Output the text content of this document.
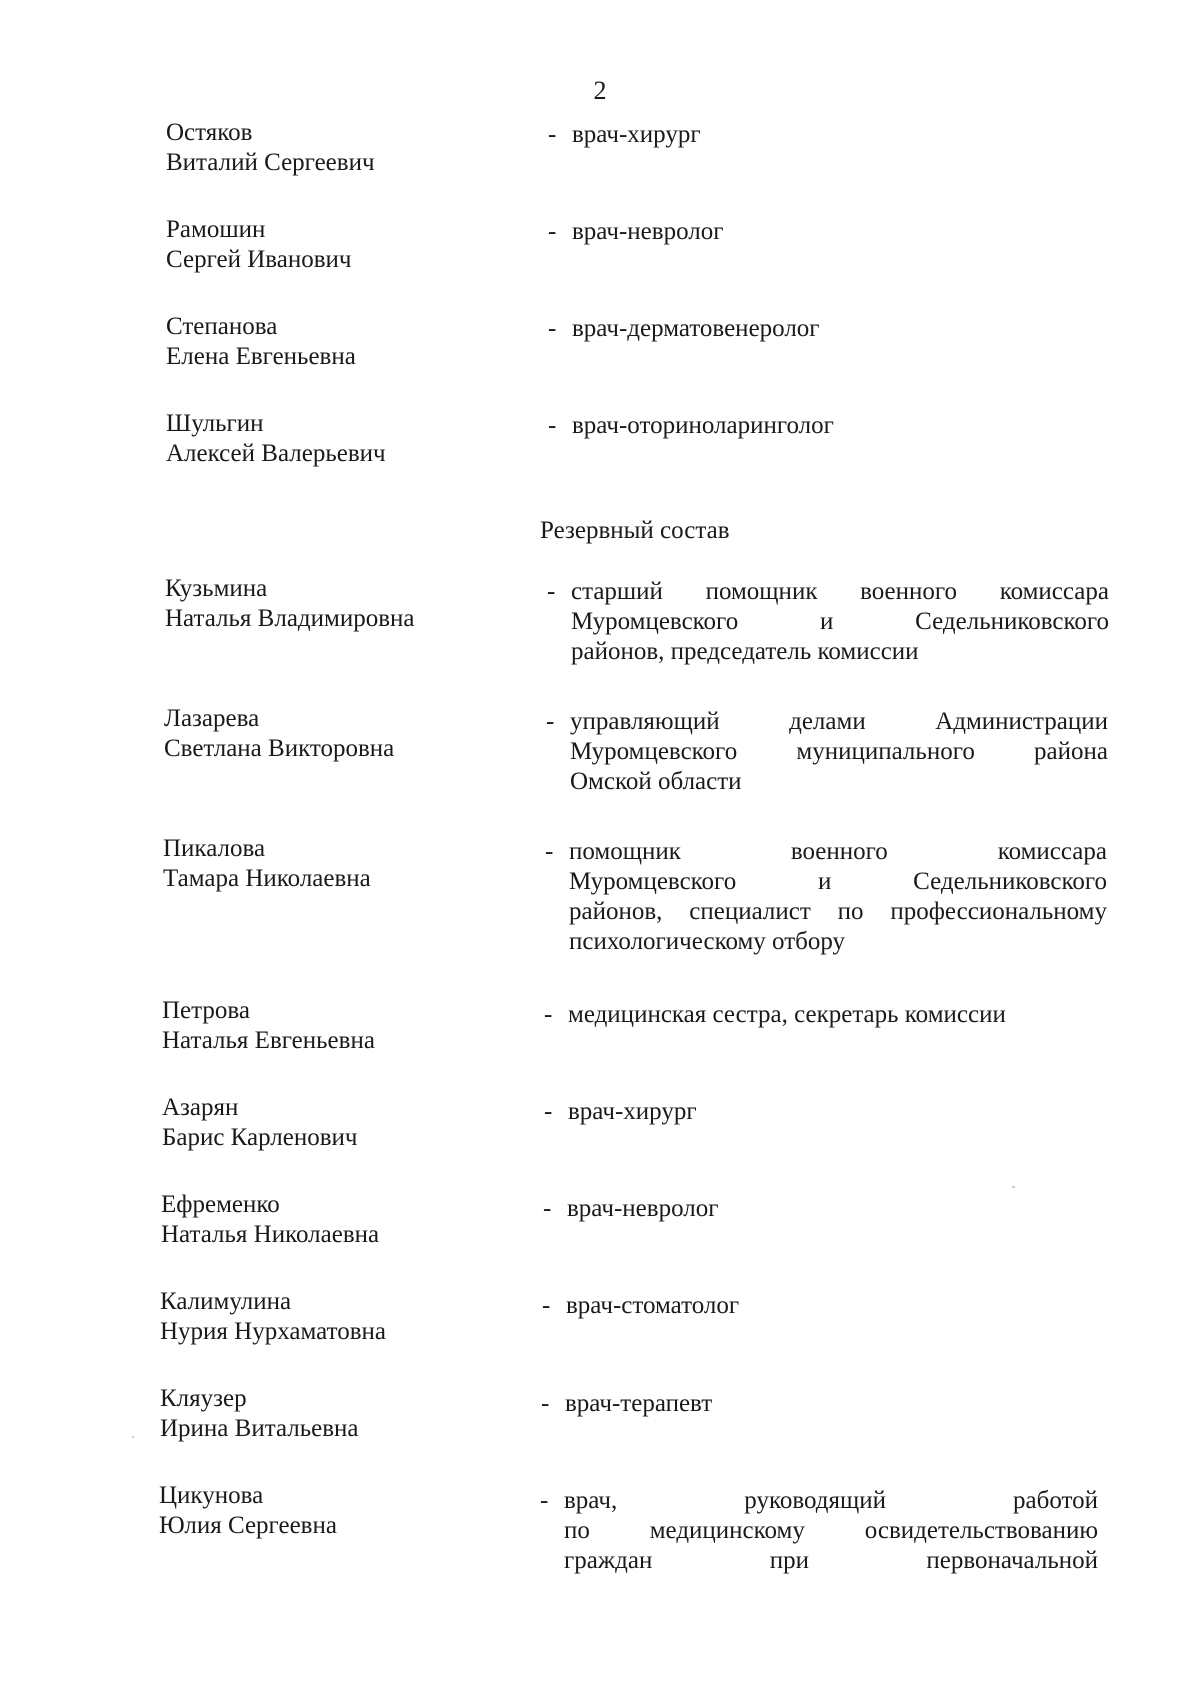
2
Остяков
Виталий Сергеевич
- врач-хирург
Рамошин
Сергей Иванович
- врач-невролог
Степанова
Елена Евгеньевна
- врач-дерматовенеролог
Шульгин
Алексей Валерьевич
- врач-оториноларинголог
Резервный состав
Кузьмина
Наталья Владимировна
- старший помощник военного комиссара
Муромцевского и Седельниковского
районов, председатель комиссии
Лазарева
Светлана Викторовна
- управляющий делами Администрации
Муромцевского муниципального района
Омской области
Пикалова
Тамара Николаевна
- помощник военного комиссара
Муромцевского и Седельниковского
районов, специалист по профессиональному
психологическому отбору
Петрова
Наталья Евгеньевна
- медицинская сестра, секретарь комиссии
Азарян
Барис Карленович
- врач-хирург
Ефременко
Наталья Николаевна
- врач-невролог
Калимулина
Нурия Нурхаматовна
- врач-стоматолог
Кляузер
Ирина Витальевна
- врач-терапевт
Цикунова
Юлия Сергеевна
- врач, руководящий работой
по медицинскому освидетельствованию
граждан при первоначальной
